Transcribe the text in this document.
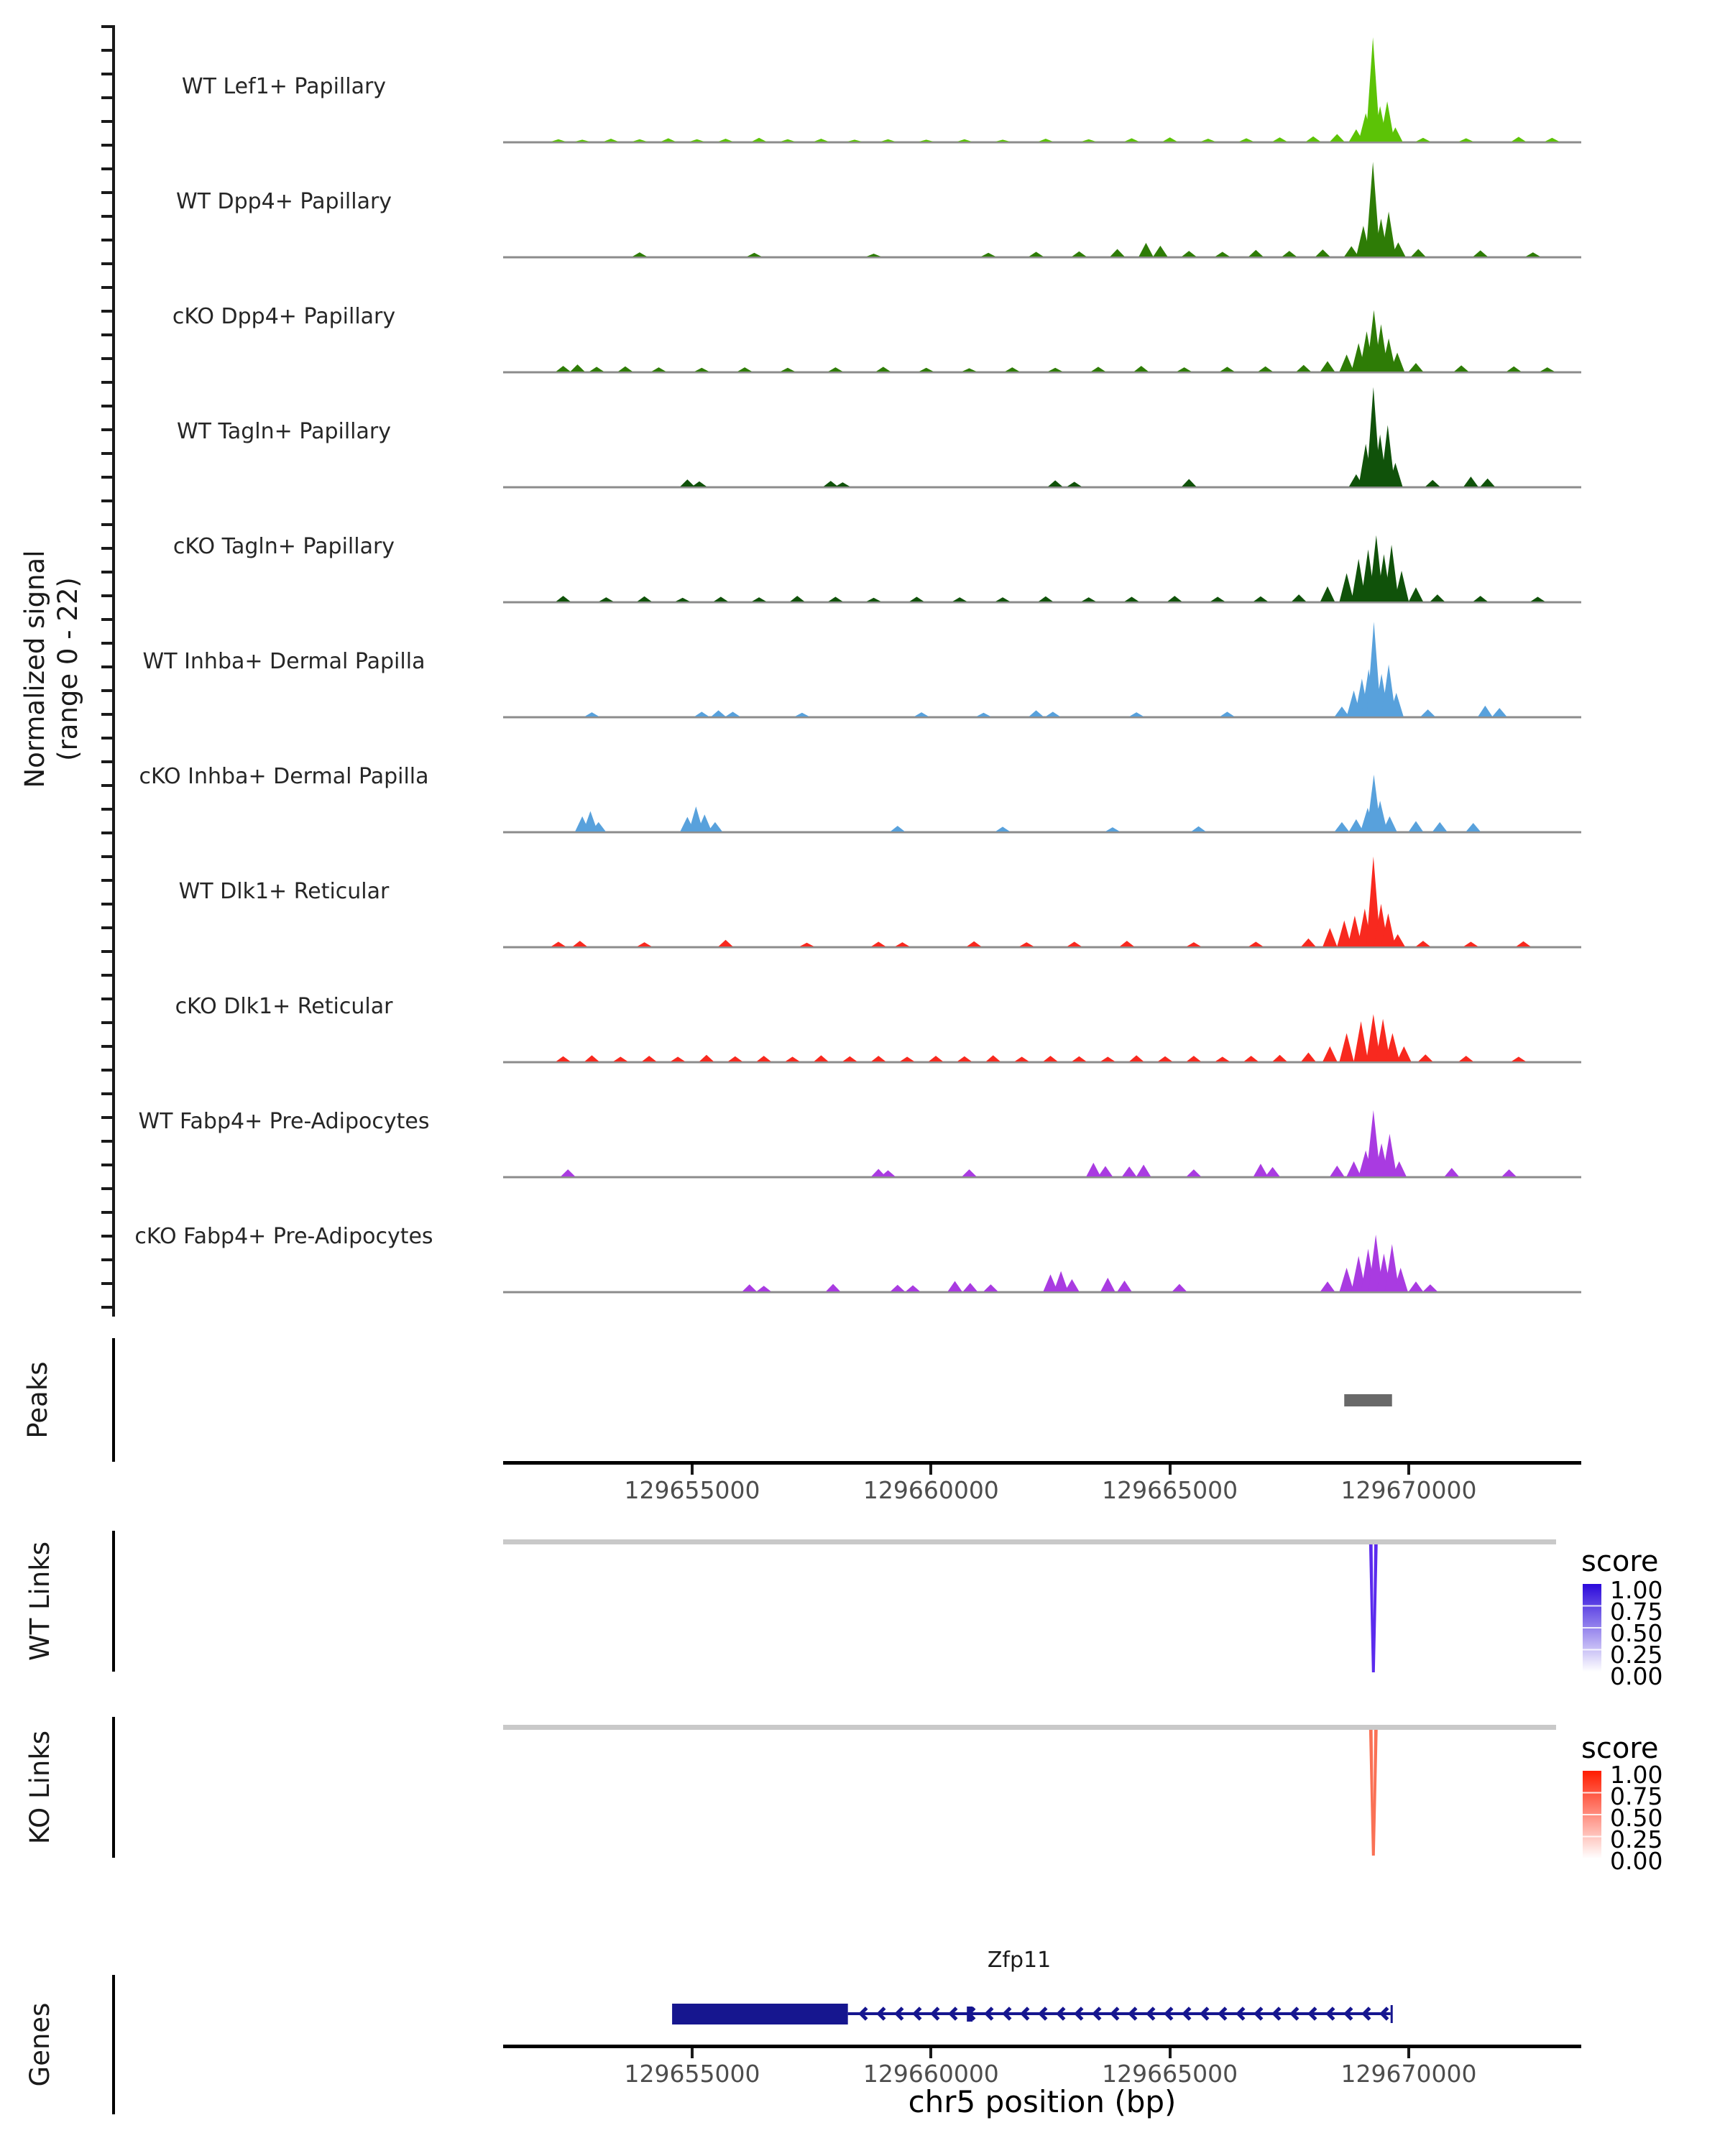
Normalized signal (range 0 - 22)
Peaks
WT Links	score
1.00
0.75
0.50
0.25
0.00
KO Links	score
1.00
0.75
0.50
0.25
0.00
Genes
Zfp11
chr5 position (bp)
WT Lef1+ Papillary
WT Dpp4+ Papillary
cKO Dpp4+ Papillary
WT Tagln+ Papillary
cKO Tagln+ Papillary
WT Inhba+ Dermal Papilla
cKO Inhba+ Dermal Papilla
WT Dlk1+ Reticular
cKO Dlk1+ Reticular
WT Fabp4+ Pre-Adipocytes
cKO Fabp4+ Pre-Adipocytes
129655000	129660000	129665000	129670000
129655000	129660000	129665000	129670000
